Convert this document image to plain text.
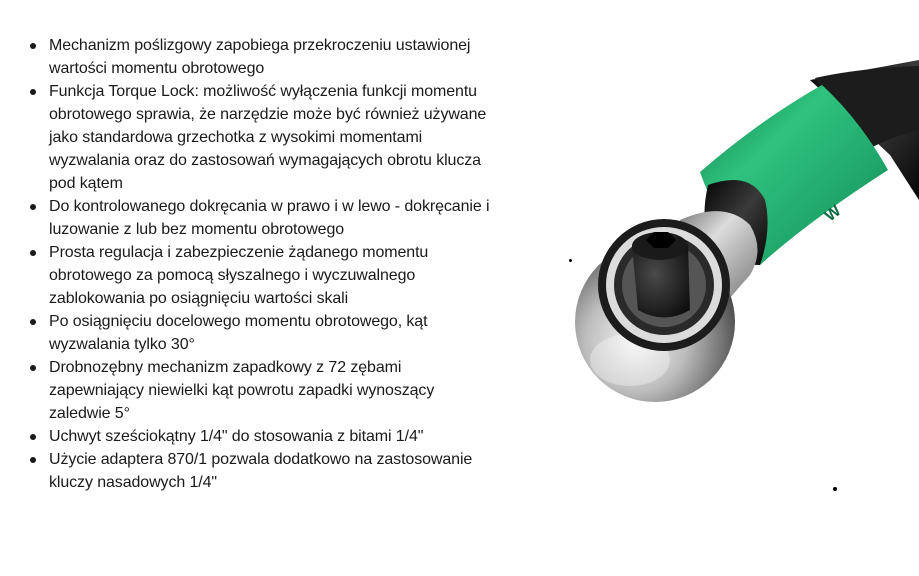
Mechanizm poślizgowy zapobiega przekroczeniu ustawionej wartości momentu obrotowego
Funkcja Torque Lock: możliwość wyłączenia funkcji momentu obrotowego sprawia, że narzędzie może być również używane jako standardowa grzechotka z wysokimi momentami wyzwalania oraz do zastosowań wymagających obrotu klucza pod kątem
Do kontrolowanego dokręcania w prawo i w lewo - dokręcanie i luzowanie z lub bez momentu obrotowego
Prosta regulacja i zabezpieczenie żądanego momentu obrotowego za pomocą słyszalnego i wyczuwalnego zablokowania po osiągnięciu wartości skali
Po osiągnięciu docelowego momentu obrotowego, kąt wyzwalania tylko 30°
Drobnozębny mechanizm zapadkowy z 72 zębami zapewniający niewielki kąt powrotu zapadki wynoszący zaledwie 5°
Uchwyt sześciokątny 1/4" do stosowania z bitami 1/4"
Użycie adaptera 870/1 pozwala dodatkowo na zastosowanie kluczy nasadowych 1/4"
W
